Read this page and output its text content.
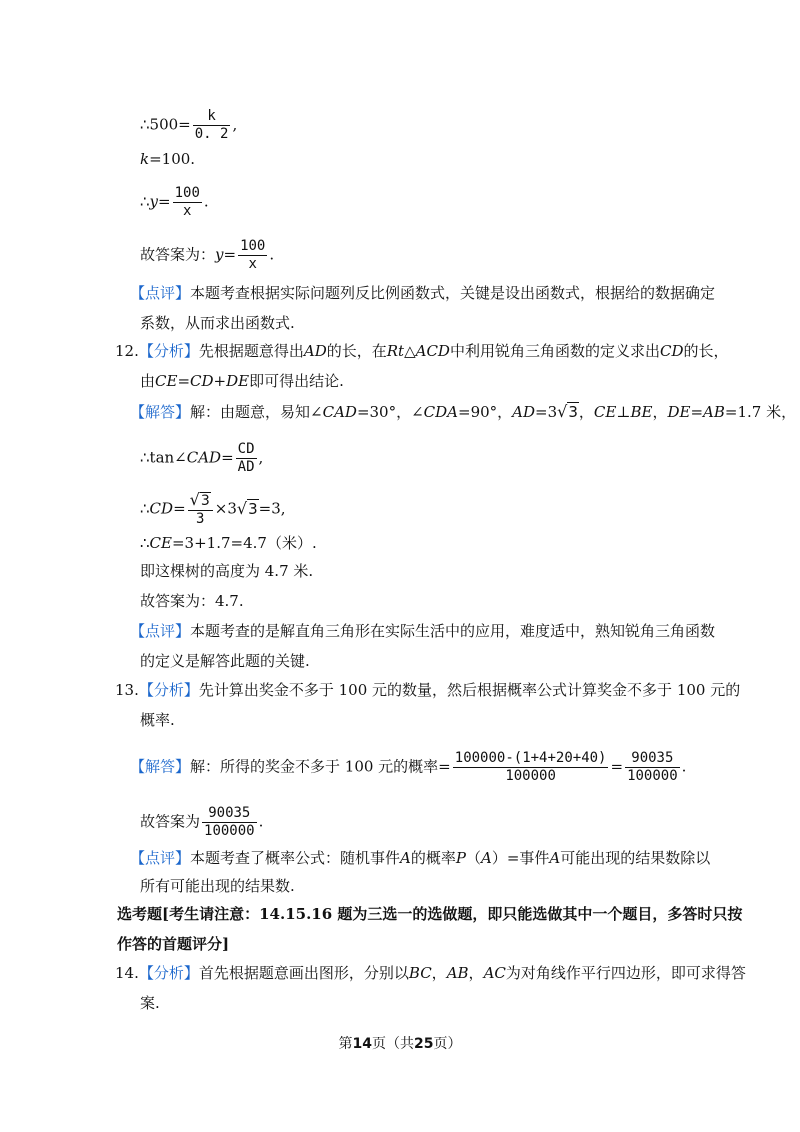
∴500= $\frac{k}{0. 2}$ ,
k=100.
∴y= $\frac{100}{x}$ .
故答案为：$y= \frac{100}{x}$ .
【点评】本题考查根据实际问题列反比例函数式，关键是设出函数式，根据给的数据确定
系数，从而求出函数式.
12.【分析】先根据题意得出AD的长，在Rt△ACD中利用锐角三角函数的定义求出CD的长，
由CE=CD+DE即可得出结论.
【解答】解：由题意，易知∠CAD=30°，∠CDA=90°，AD=3√3，CE⊥BE，DE=AB=1.7 米，
∴tan∠CAD= $\frac{CD}{AD}$ ,
∴CD= $\frac{√3}{3} \times 3√3=3$,
∴CE=3+1.7=4.7（米）.
即这棵树的高度为 4.7 米.
故答案为：4.7.
【点评】本题考查的是解直角三角形在实际生活中的应用，难度适中，熟知锐角三角函数
的定义是解答此题的关键.
13.【分析】先计算出奖金不多于 100 元的数量，然后根据概率公式计算奖金不多于 100 元的
概率.
【解答】解：所得的奖金不多于 100 元的概率= $\frac{100000-(1+4+20+40)}{100000} = \frac{90035}{100000}$ .
故答案为 $\frac{90035}{100000}$ .
【点评】本题考查了概率公式：随机事件A的概率P（A）=事件A可能出现的结果数除以
所有可能出现的结果数.
选考题[考生请注意：14.15.16 题为三选一的选做题，即只能选做其中一个题目，多答时只按
作答的首题评分]
14.【分析】首先根据题意画出图形，分别以BC，AB，AC为对角线作平行四边形，即可求得答
案.
第14页（共25页）
